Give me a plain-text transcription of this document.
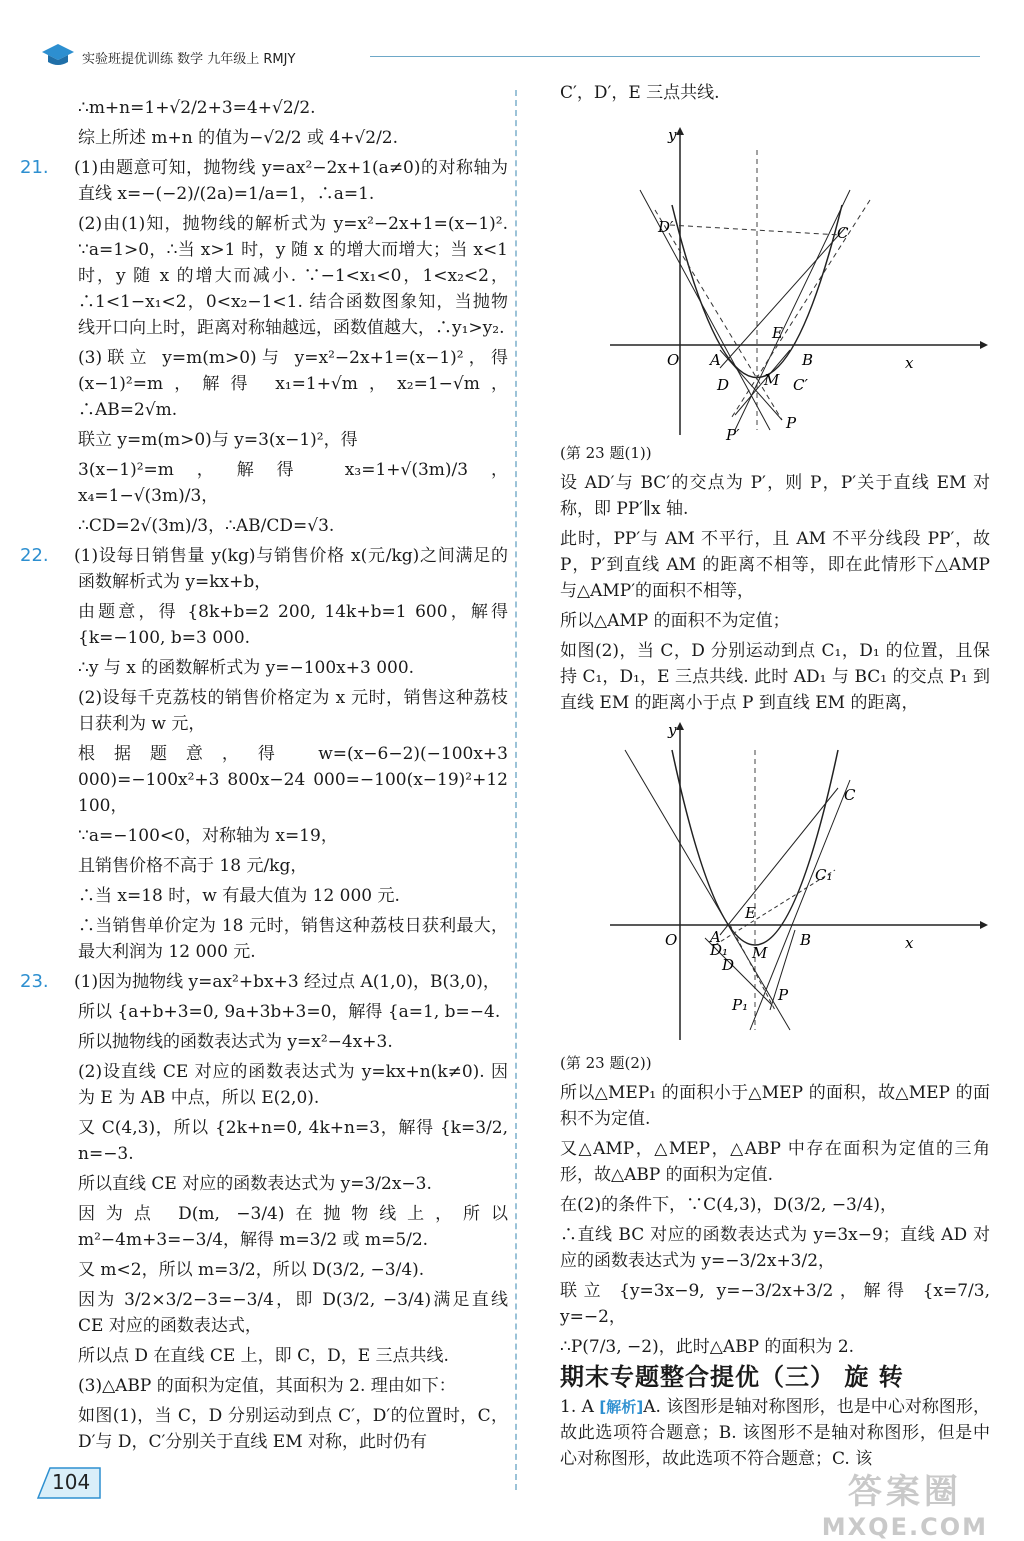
实验班提优训练 数学 九年级上 RMJY

∴m+n=1+√2/2+3=4+√2/2.

综上所述 m+n 的值为−√2/2 或 4+√2/2.

21. (1)由题意可知，抛物线 y=ax²−2x+1(a≠0)的对称轴为直线 x=−(−2)/(2a)=1/a=1，∴a=1.

(2)由(1)知，抛物线的解析式为 y=x²−2x+1=(x−1)². ∵a=1>0，∴当 x>1 时，y 随 x 的增大而增大；当 x<1 时，y 随 x 的增大而减小. ∵−1<x₁<0，1<x₂<2，∴1<1−x₁<2，0<x₂−1<1. 结合函数图象知，当抛物线开口向上时，距离对称轴越远，函数值越大，∴y₁>y₂.

(3)联立 y=m(m>0)与 y=x²−2x+1=(x−1)²，得(x−1)²=m，解得 x₁=1+√m，x₂=1−√m，∴AB=2√m.

联立 y=m(m>0)与 y=3(x−1)²，得

3(x−1)²=m，解得 x₃=1+√(3m)/3，x₄=1−√(3m)/3，

∴CD=2√(3m)/3，∴AB/CD=√3.

22. (1)设每日销售量 y(kg)与销售价格 x(元/kg)之间满足的函数解析式为 y=kx+b，

由题意，得 {8k+b=2 200, 14k+b=1 600，解得 {k=−100, b=3 000.

∴y 与 x 的函数解析式为 y=−100x+3 000.

(2)设每千克荔枝的销售价格定为 x 元时，销售这种荔枝日获利为 w 元，

根据题意，得 w=(x−6−2)(−100x+3 000)=−100x²+3 800x−24 000=−100(x−19)²+12 100，

∵a=−100<0，对称轴为 x=19，

且销售价格不高于 18 元/kg，

∴当 x=18 时，w 有最大值为 12 000 元.

∴当销售单价定为 18 元时，销售这种荔枝日获利最大，最大利润为 12 000 元.

23. (1)因为抛物线 y=ax²+bx+3 经过点 A(1,0)，B(3,0)，

所以 {a+b+3=0, 9a+3b+3=0，解得 {a=1, b=−4.

所以抛物线的函数表达式为 y=x²−4x+3.

(2)设直线 CE 对应的函数表达式为 y=kx+n(k≠0). 因为 E 为 AB 中点，所以 E(2,0).

又 C(4,3)，所以 {2k+n=0, 4k+n=3，解得 {k=3/2, n=−3.

所以直线 CE 对应的函数表达式为 y=3/2x−3.

因为点 D(m, −3/4)在抛物线上，所以 m²−4m+3=−3/4，解得 m=3/2 或 m=5/2.

又 m<2，所以 m=3/2，所以 D(3/2, −3/4).

因为 3/2×3/2−3=−3/4，即 D(3/2, −3/4)满足直线 CE 对应的函数表达式，

所以点 D 在直线 CE 上，即 C，D，E 三点共线.

(3)△ABP 的面积为定值，其面积为 2. 理由如下：

如图(1)，当 C，D 分别运动到点 C′，D′的位置时，C，D′与 D，C′分别关于直线 EM 对称，此时仍有

C′，D′，E 三点共线.

y
x
O A	B
E
M
C
C′
D
D′
P
P′

(第 23 题(1))

设 AD′与 BC′的交点为 P′，则 P，P′关于直线 EM 对称，即 PP′∥x 轴.

此时，PP′与 AM 不平行，且 AM 不平分线段 PP′，故 P，P′到直线 AM 的距离不相等，即在此情形下△AMP 与△AMP′的面积不相等，

所以△AMP 的面积不为定值；

如图(2)，当 C，D 分别运动到点 C₁，D₁ 的位置，且保持 C₁，D₁，E 三点共线. 此时 AD₁ 与 BC₁ 的交点 P₁ 到直线 EM 的距离小于点 P 到直线 EM 的距离，

y
x
O A	B
E
M
C
C₁
D
D₁
P
P₁

(第 23 题(2))

所以△MEP₁ 的面积小于△MEP 的面积，故△MEP 的面积不为定值.

又△AMP，△MEP，△ABP 中存在面积为定值的三角形，故△ABP 的面积为定值.

在(2)的条件下，∵C(4,3)，D(3/2, −3/4)，

∴直线 BC 对应的函数表达式为 y=3x−9；直线 AD 对应的函数表达式为 y=−3/2x+3/2，

联立 {y=3x−9, y=−3/2x+3/2，解得 {x=7/3, y=−2，

∴P(7/3, −2)，此时△ABP 的面积为 2.

期末专题整合提优（三） 旋 转

1. A [解析]A. 该图形是轴对称图形，也是中心对称图形，故此选项符合题意；B. 该图形不是轴对称图形，但是中心对称图形，故此选项不符合题意；C. 该

104	答案圈
MXQE.COM
